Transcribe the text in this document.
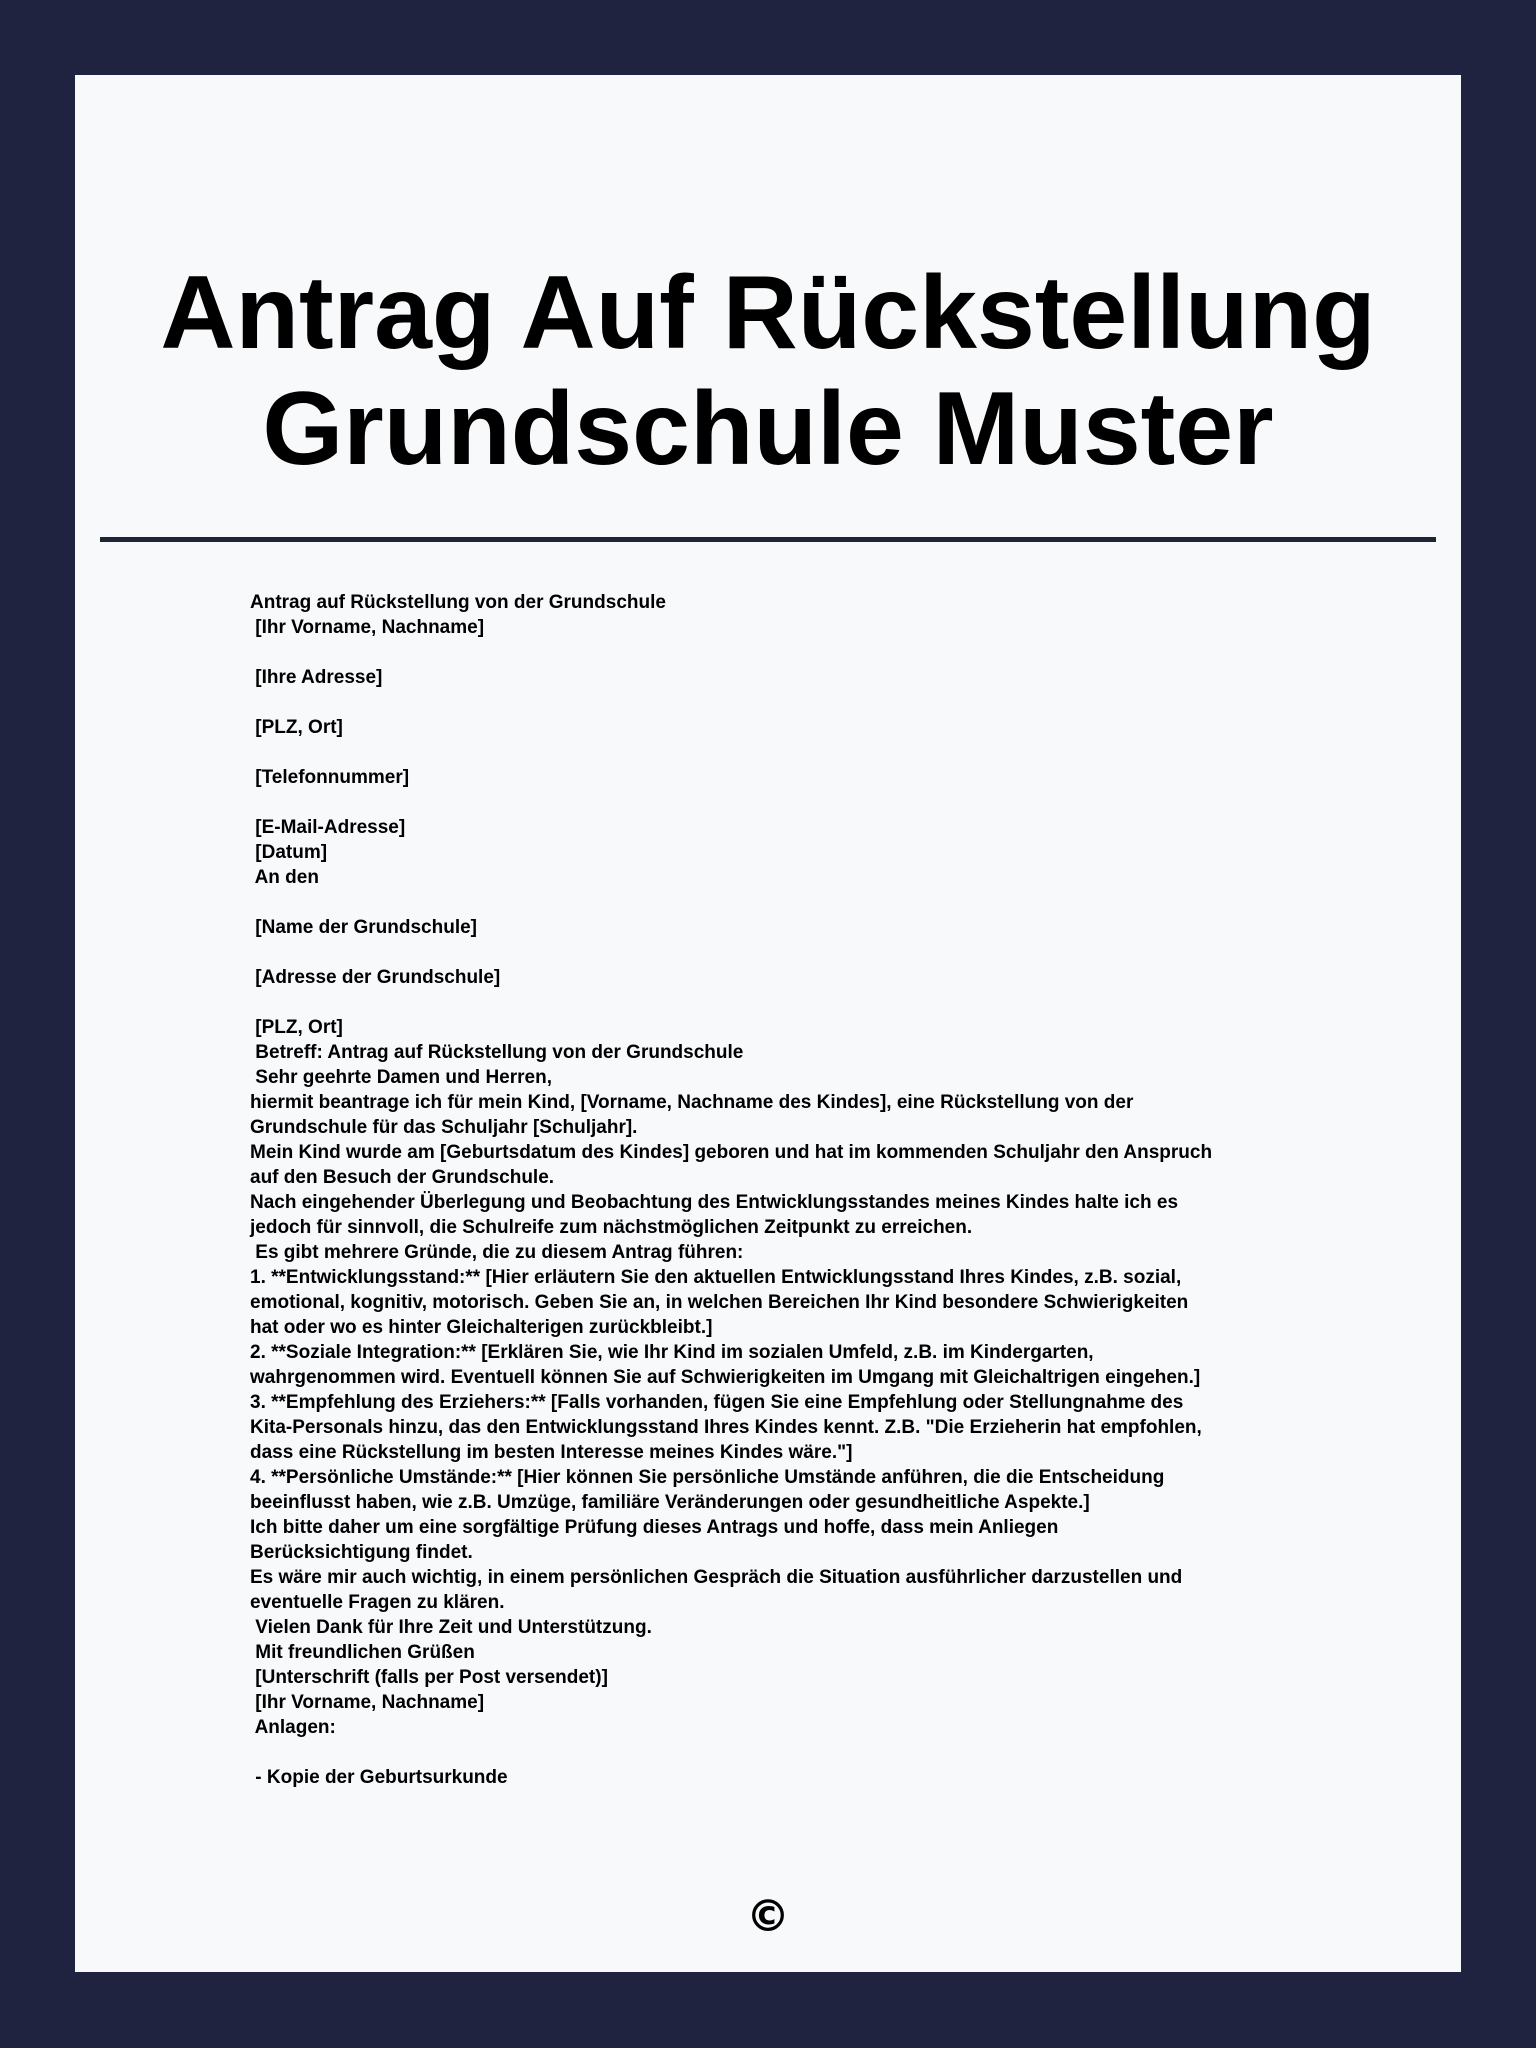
Antrag Auf Rückstellung
Grundschule Muster
Antrag auf Rückstellung von der Grundschule
[Ihr Vorname, Nachname]

[Ihre Adresse]

[PLZ, Ort]

[Telefonnummer]

[E-Mail-Adresse]
[Datum]
An den

[Name der Grundschule]

[Adresse der Grundschule]

[PLZ, Ort]
Betreff: Antrag auf Rückstellung von der Grundschule
Sehr geehrte Damen und Herren,
hiermit beantrage ich für mein Kind, [Vorname, Nachname des Kindes], eine Rückstellung von der
Grundschule für das Schuljahr [Schuljahr].
Mein Kind wurde am [Geburtsdatum des Kindes] geboren und hat im kommenden Schuljahr den Anspruch
auf den Besuch der Grundschule.
Nach eingehender Überlegung und Beobachtung des Entwicklungsstandes meines Kindes halte ich es
jedoch für sinnvoll, die Schulreife zum nächstmöglichen Zeitpunkt zu erreichen.
Es gibt mehrere Gründe, die zu diesem Antrag führen:
1. **Entwicklungsstand:** [Hier erläutern Sie den aktuellen Entwicklungsstand Ihres Kindes, z.B. sozial,
emotional, kognitiv, motorisch. Geben Sie an, in welchen Bereichen Ihr Kind besondere Schwierigkeiten
hat oder wo es hinter Gleichalterigen zurückbleibt.]
2. **Soziale Integration:** [Erklären Sie, wie Ihr Kind im sozialen Umfeld, z.B. im Kindergarten,
wahrgenommen wird. Eventuell können Sie auf Schwierigkeiten im Umgang mit Gleichaltrigen eingehen.]
3. **Empfehlung des Erziehers:** [Falls vorhanden, fügen Sie eine Empfehlung oder Stellungnahme des
Kita-Personals hinzu, das den Entwicklungsstand Ihres Kindes kennt. Z.B. "Die Erzieherin hat empfohlen,
dass eine Rückstellung im besten Interesse meines Kindes wäre."]
4. **Persönliche Umstände:** [Hier können Sie persönliche Umstände anführen, die die Entscheidung
beeinflusst haben, wie z.B. Umzüge, familiäre Veränderungen oder gesundheitliche Aspekte.]
Ich bitte daher um eine sorgfältige Prüfung dieses Antrags und hoffe, dass mein Anliegen
Berücksichtigung findet.
Es wäre mir auch wichtig, in einem persönlichen Gespräch die Situation ausführlicher darzustellen und
eventuelle Fragen zu klären.
Vielen Dank für Ihre Zeit und Unterstützung.
Mit freundlichen Grüßen
[Unterschrift (falls per Post versendet)]
[Ihr Vorname, Nachname]
Anlagen:

- Kopie der Geburtsurkunde
©
